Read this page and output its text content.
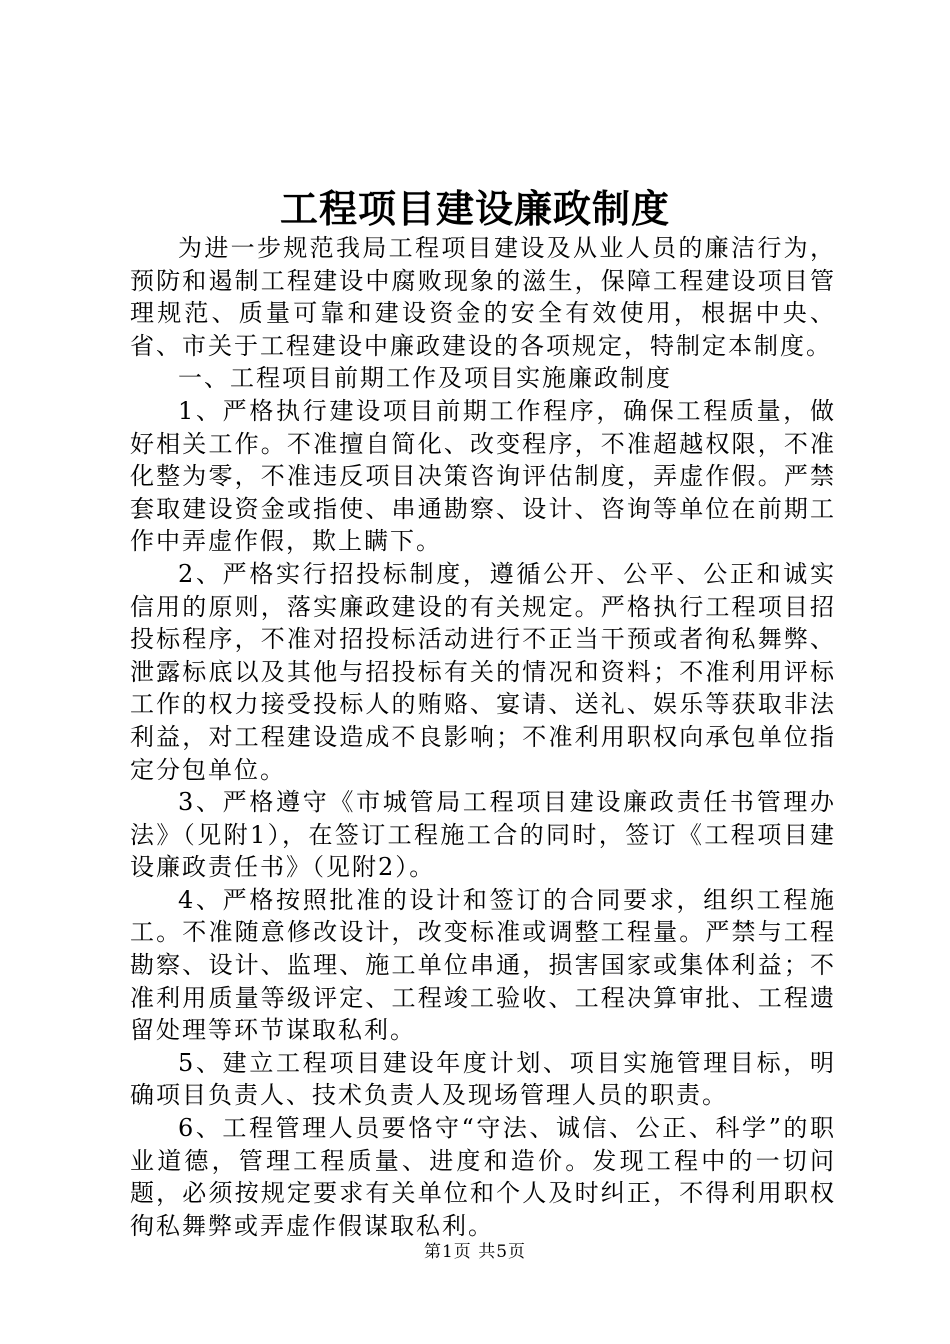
工程项目建设廉政制度

为进一步规范我局工程项目建设及从业人员的廉洁行为，预防和遏制工程建设中腐败现象的滋生，保障工程建设项目管理规范、质量可靠和建设资金的安全有效使用，根据中央、省、市关于工程建设中廉政建设的各项规定，特制定本制度。

一、工程项目前期工作及项目实施廉政制度

1、严格执行建设项目前期工作程序，确保工程质量，做好相关工作。不准擅自简化、改变程序，不准超越权限，不准化整为零，不准违反项目决策咨询评估制度，弄虚作假。严禁套取建设资金或指使、串通勘察、设计、咨询等单位在前期工作中弄虚作假，欺上瞒下。

2、严格实行招投标制度，遵循公开、公平、公正和诚实信用的原则，落实廉政建设的有关规定。严格执行工程项目招投标程序，不准对招投标活动进行不正当干预或者徇私舞弊、泄露标底以及其他与招投标有关的情况和资料；不准利用评标工作的权力接受投标人的贿赂、宴请、送礼、娱乐等获取非法利益，对工程建设造成不良影响；不准利用职权向承包单位指定分包单位。

3、严格遵守《市城管局工程项目建设廉政责任书管理办法》（见附1），在签订工程施工合的同时，签订《工程项目建设廉政责任书》（见附2）。

4、严格按照批准的设计和签订的合同要求，组织工程施工。不准随意修改设计，改变标准或调整工程量。严禁与工程勘察、设计、监理、施工单位串通，损害国家或集体利益；不准利用质量等级评定、工程竣工验收、工程决算审批、工程遗留处理等环节谋取私利。

5、建立工程项目建设年度计划、项目实施管理目标，明确项目负责人、技术负责人及现场管理人员的职责。

6、工程管理人员要恪守“守法、诚信、公正、科学”的职业道德，管理工程质量、进度和造价。发现工程中的一切问题，必须按规定要求有关单位和个人及时纠正，不得利用职权徇私舞弊或弄虚作假谋取私利。

第1页 共5页
